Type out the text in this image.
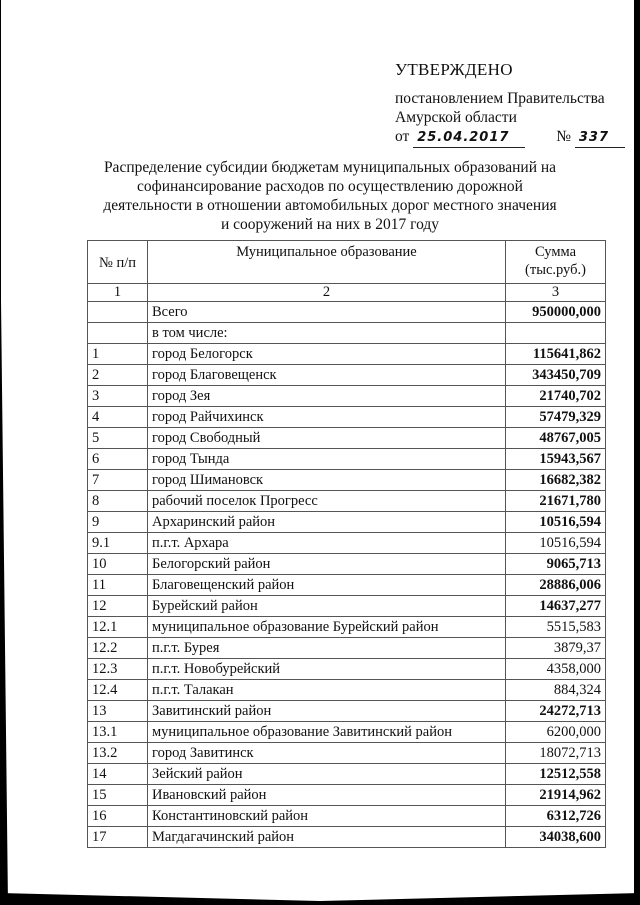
УТВЕРЖДЕНО
постановлением Правительства
Амурской области
от 25.04.2017	№ 337
Распределение субсидии бюджетам муниципальных образований на софинансирование расходов по осуществлению дорожной деятельности в отношении автомобильных дорог местного значения и сооружений на них в 2017 году
№ п/п	Муниципальное образование	Сумма (тыс.руб.)
1	2	3
	Всего	950000,000
	в том числе:	
1	город Белогорск	115641,862
2	город Благовещенск	343450,709
3	город Зея	21740,702
4	город Райчихинск	57479,329
5	город Свободный	48767,005
6	город Тында	15943,567
7	город Шимановск	16682,382
8	рабочий поселок Прогресс	21671,780
9	Архаринский район	10516,594
9.1	п.г.т. Архара	10516,594
10	Белогорский район	9065,713
11	Благовещенский район	28886,006
12	Бурейский район	14637,277
12.1	муниципальное образование Бурейский район	5515,583
12.2	п.г.т. Бурея	3879,37
12.3	п.г.т. Новобурейский	4358,000
12.4	п.г.т. Талакан	884,324
13	Завитинский район	24272,713
13.1	муниципальное образование Завитинский район	6200,000
13.2	город Завитинск	18072,713
14	Зейский район	12512,558
15	Ивановский район	21914,962
16	Константиновский район	6312,726
17	Магдагачинский район	34038,600
